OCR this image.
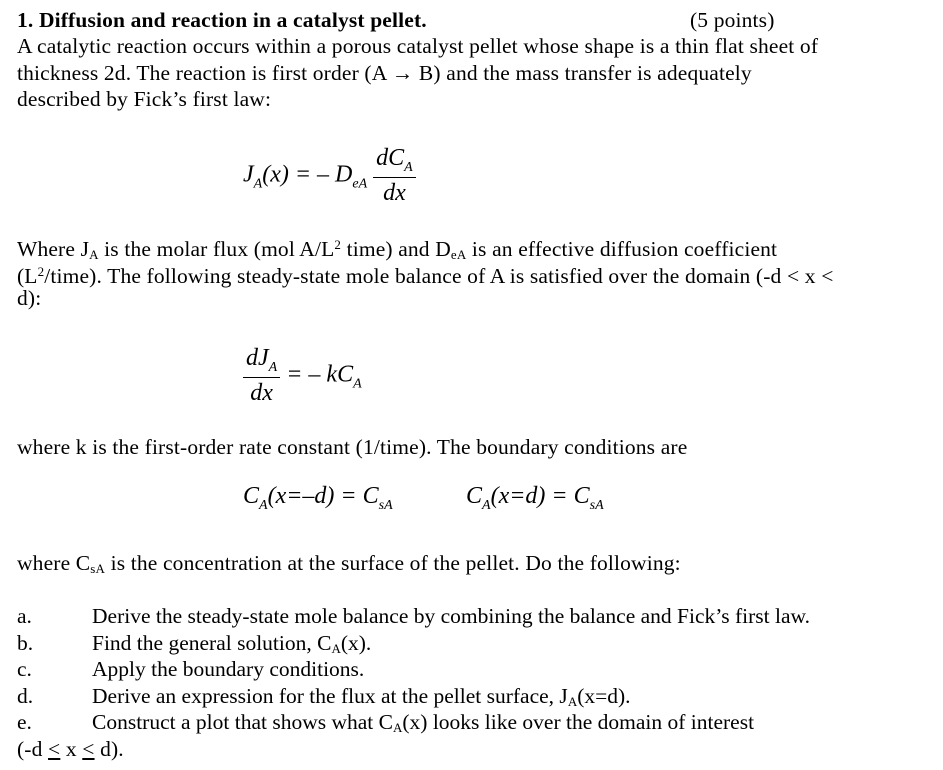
1. Diffusion and reaction in a catalyst pellet.	(5 points)
A catalytic reaction occurs within a porous catalyst pellet whose shape is a thin flat sheet of
thickness 2d. The reaction is first order (A → B) and the mass transfer is adequately
described by Fick’s first law:
$J_A(x)$ = – $D_{eA} \frac{dC_A}{dx}$
Where $J_A$ is the molar flux (mol $A/L^2$ time) and $D_{eA}$ is an effective diffusion coefficient
$(L^2/time)$. The following steady-state mole balance of A is satisfied over the domain (-d < x <
d):
$\frac{dJ_A}{dx}$ = – $kC_A$
where k is the first-order rate constant (1/time). The boundary conditions are
$C_A(x=-d) = C_{sA}$	$C_A(x=d) = C_{sA}$
where $C_{sA}$ is the concentration at the surface of the pellet. Do the following:
a.	Derive the steady-state mole balance by combining the balance and Fick’s first law.
b.	Find the general solution, $C_A(x)$.
c.	Apply the boundary conditions.
d.	Derive an expression for the flux at the pellet surface, $J_A(x=d)$.
e.	Construct a plot that shows what $C_A(x)$ looks like over the domain of interest
(-d ≤ x ≤ d).
